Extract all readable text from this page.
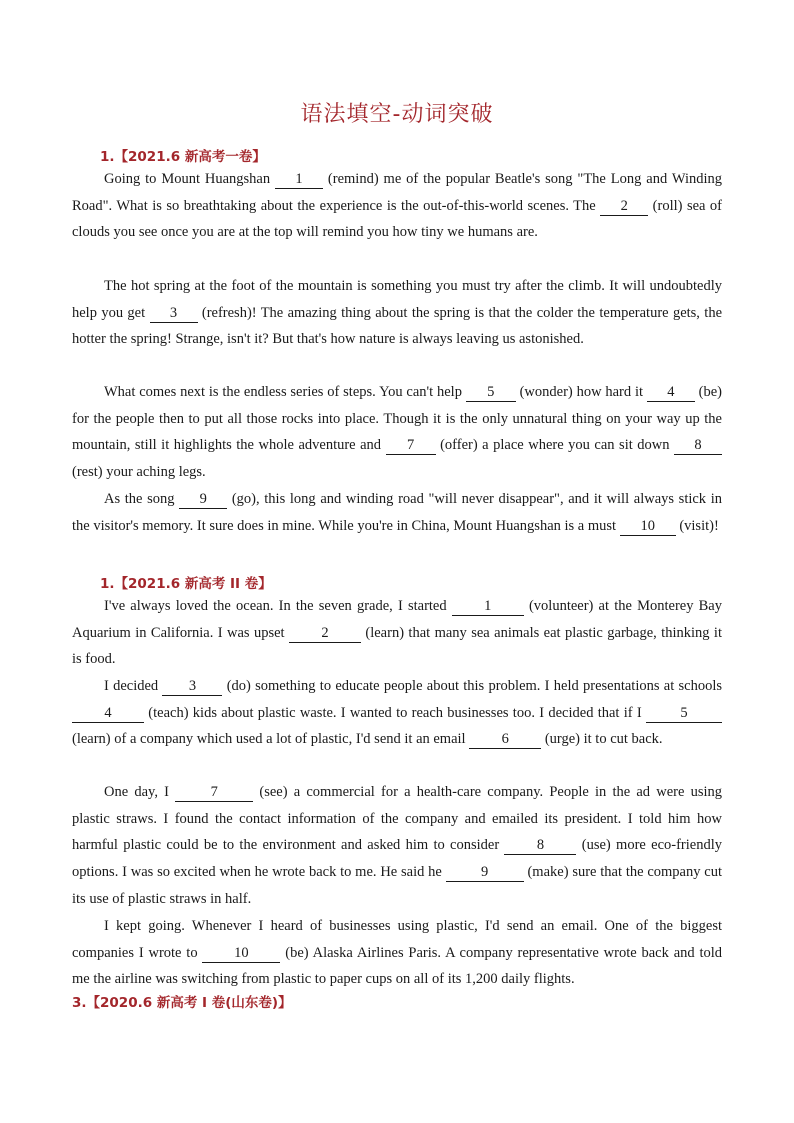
语法填空-动词突破
1.【2021.6 新高考一卷】
Going to Mount Huangshan 1 (remind) me of the popular Beatle's song "The Long and Winding Road". What is so breathtaking about the experience is the out-of-this-world scenes. The 2 (roll) sea of clouds you see once you are at the top will remind you how tiny we humans are.
The hot spring at the foot of the mountain is something you must try after the climb. It will undoubtedly help you get 3 (refresh)! The amazing thing about the spring is that the colder the temperature gets, the hotter the spring! Strange, isn't it? But that's how nature is always leaving us astonished.
What comes next is the endless series of steps. You can't help 5 (wonder) how hard it 4 (be) for the people then to put all those rocks into place. Though it is the only unnatural thing on your way up the mountain, still it highlights the whole adventure and 7 (offer) a place where you can sit down 8 (rest) your aching legs.
As the song 9 (go), this long and winding road "will never disappear", and it will always stick in the visitor's memory. It sure does in mine. While you're in China, Mount Huangshan is a must 10 (visit)!
1.【2021.6 新高考 II 卷】
I've always loved the ocean. In the seven grade, I started 1 (volunteer) at the Monterey Bay Aquarium in California. I was upset 2 (learn) that many sea animals eat plastic garbage, thinking it is food.
I decided 3 (do) something to educate people about this problem. I held presentations at schools 4 (teach) kids about plastic waste. I wanted to reach businesses too. I decided that if I 5 (learn) of a company which used a lot of plastic, I'd send it an email 6 (urge) it to cut back.
One day, I 7 (see) a commercial for a health-care company. People in the ad were using plastic straws. I found the contact information of the company and emailed its president. I told him how harmful plastic could be to the environment and asked him to consider 8 (use) more eco-friendly options. I was so excited when he wrote back to me. He said he 9 (make) sure that the company cut its use of plastic straws in half.
I kept going. Whenever I heard of businesses using plastic, I'd send an email. One of the biggest companies I wrote to 10 (be) Alaska Airlines Paris. A company representative wrote back and told me the airline was switching from plastic to paper cups on all of its 1,200 daily flights.
3.【2020.6 新高考 I 卷(山东卷)】
